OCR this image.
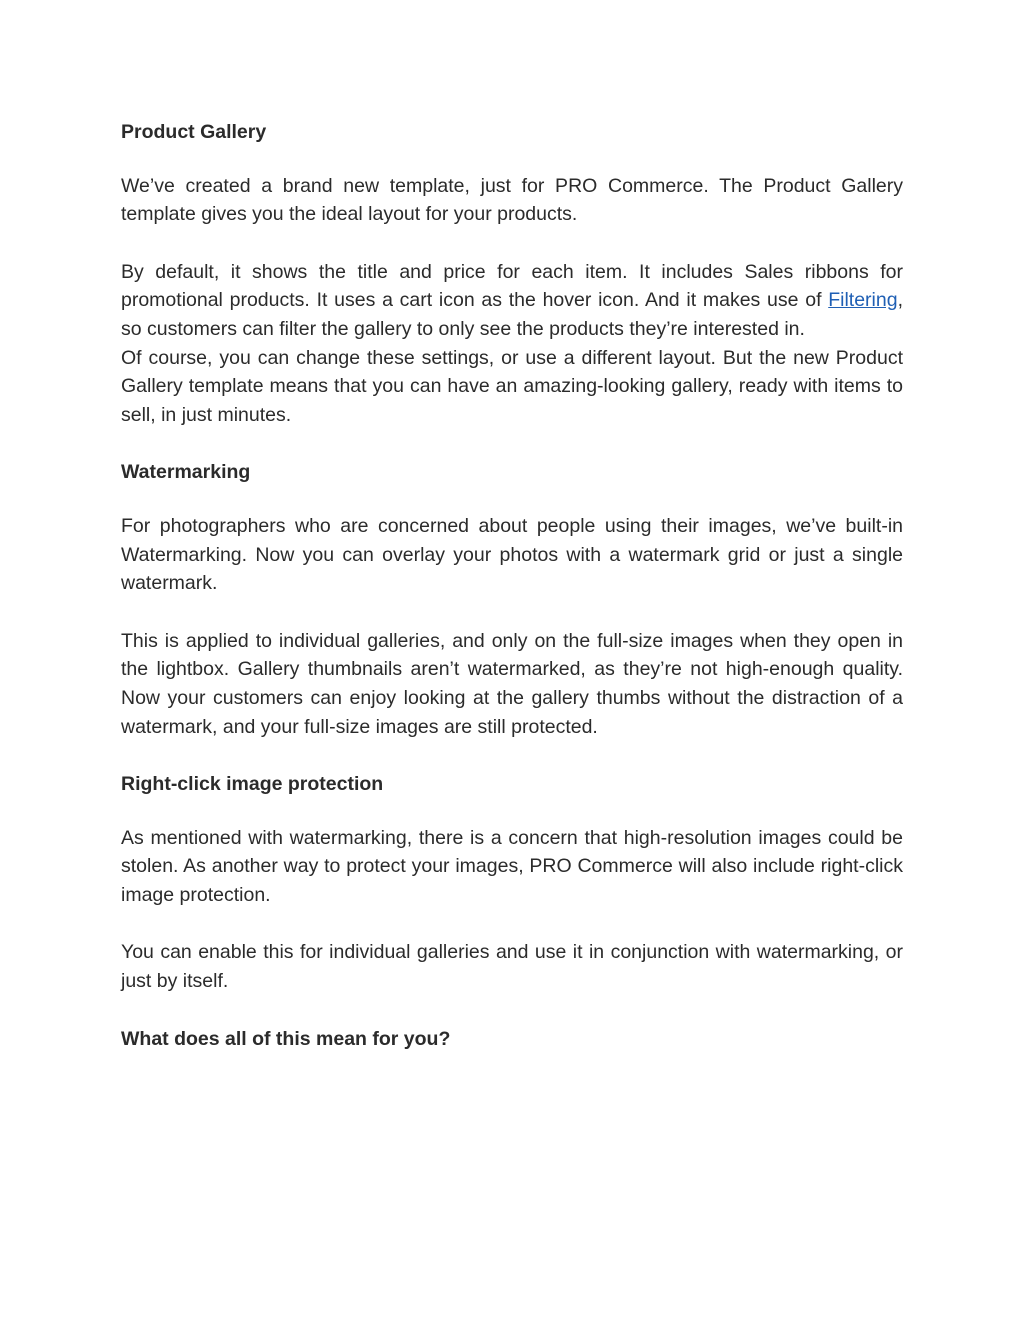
Product Gallery

We’ve created a brand new template, just for PRO Commerce. The Product Gallery template gives you the ideal layout for your products.

By default, it shows the title and price for each item. It includes Sales ribbons for promotional products. It uses a cart icon as the hover icon. And it makes use of Filtering, so customers can filter the gallery to only see the products they’re interested in.

Of course, you can change these settings, or use a different layout. But the new Product Gallery template means that you can have an amazing-looking gallery, ready with items to sell, in just minutes.

Watermarking

For photographers who are concerned about people using their images, we’ve built-in Watermarking. Now you can overlay your photos with a watermark grid or just a single watermark.

This is applied to individual galleries, and only on the full-size images when they open in the lightbox. Gallery thumbnails aren’t watermarked, as they’re not high-enough quality. Now your customers can enjoy looking at the gallery thumbs without the distraction of a watermark, and your full-size images are still protected.

Right-click image protection

As mentioned with watermarking, there is a concern that high-resolution images could be stolen. As another way to protect your images, PRO Commerce will also include right-click image protection.

You can enable this for individual galleries and use it in conjunction with watermarking, or just by itself.

What does all of this mean for you?
